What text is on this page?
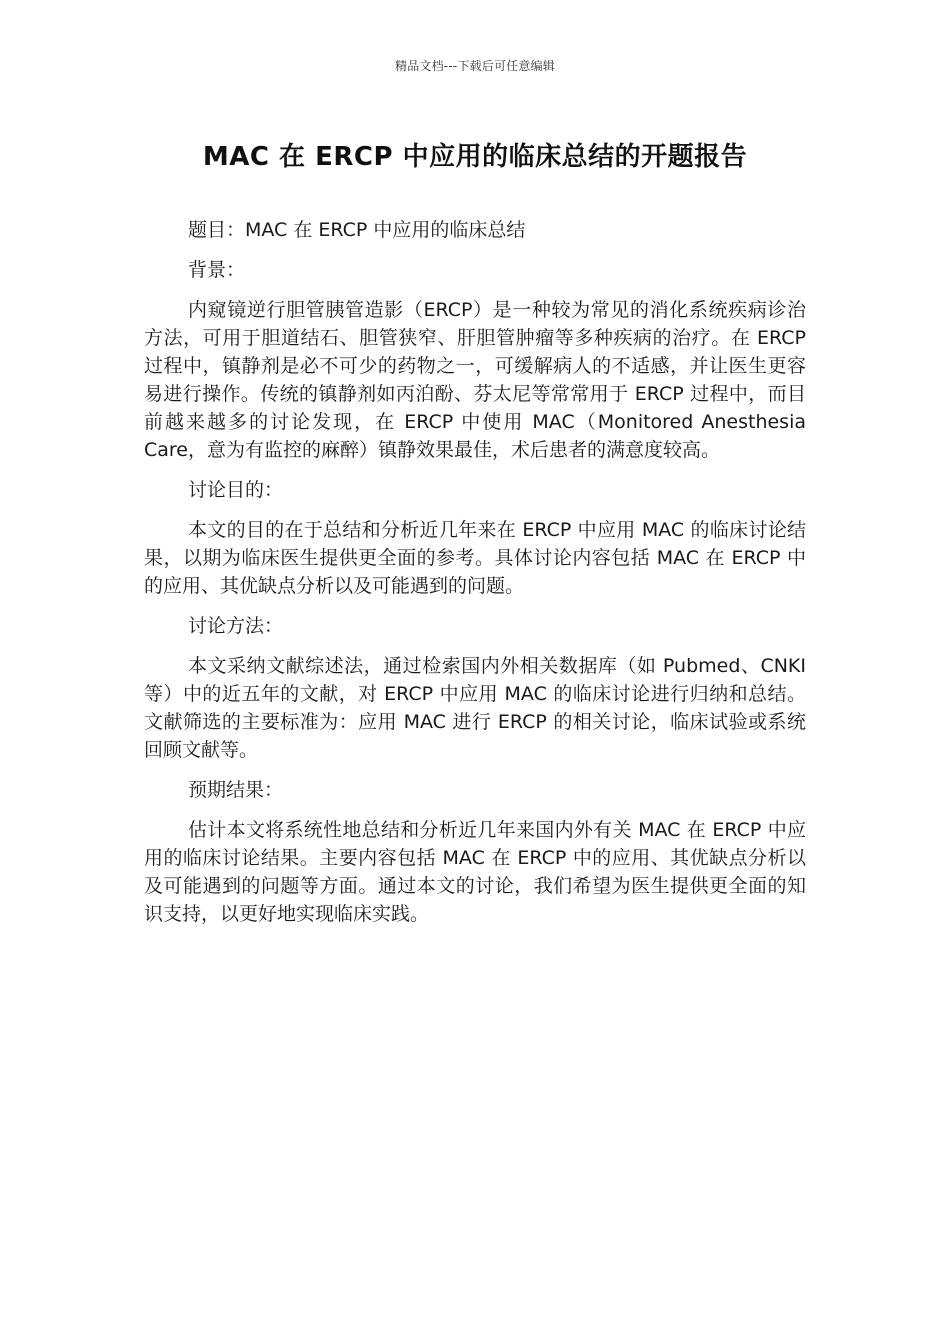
精品文档---下载后可任意编辑
MAC 在 ERCP 中应用的临床总结的开题报告

题目：MAC 在 ERCP 中应用的临床总结

背景：

内窥镜逆行胆管胰管造影（ERCP）是一种较为常见的消化系统疾病诊治方法，可用于胆道结石、胆管狭窄、肝胆管肿瘤等多种疾病的治疗。在 ERCP 过程中，镇静剂是必不可少的药物之一，可缓解病人的不适感，并让医生更容易进行操作。传统的镇静剂如丙泊酚、芬太尼等常常用于 ERCP 过程中，而目前越来越多的讨论发现，在 ERCP 中使用 MAC（Monitored Anesthesia Care，意为有监控的麻醉）镇静效果最佳，术后患者的满意度较高。

讨论目的：

本文的目的在于总结和分析近几年来在 ERCP 中应用 MAC 的临床讨论结果，以期为临床医生提供更全面的参考。具体讨论内容包括 MAC 在 ERCP 中的应用、其优缺点分析以及可能遇到的问题。

讨论方法：

本文采纳文献综述法，通过检索国内外相关数据库（如 Pubmed、CNKI 等）中的近五年的文献，对 ERCP 中应用 MAC 的临床讨论进行归纳和总结。文献筛选的主要标准为：应用 MAC 进行 ERCP 的相关讨论，临床试验或系统回顾文献等。

预期结果：

估计本文将系统性地总结和分析近几年来国内外有关 MAC 在 ERCP 中应用的临床讨论结果。主要内容包括 MAC 在 ERCP 中的应用、其优缺点分析以及可能遇到的问题等方面。通过本文的讨论，我们希望为医生提供更全面的知识支持，以更好地实现临床实践。
